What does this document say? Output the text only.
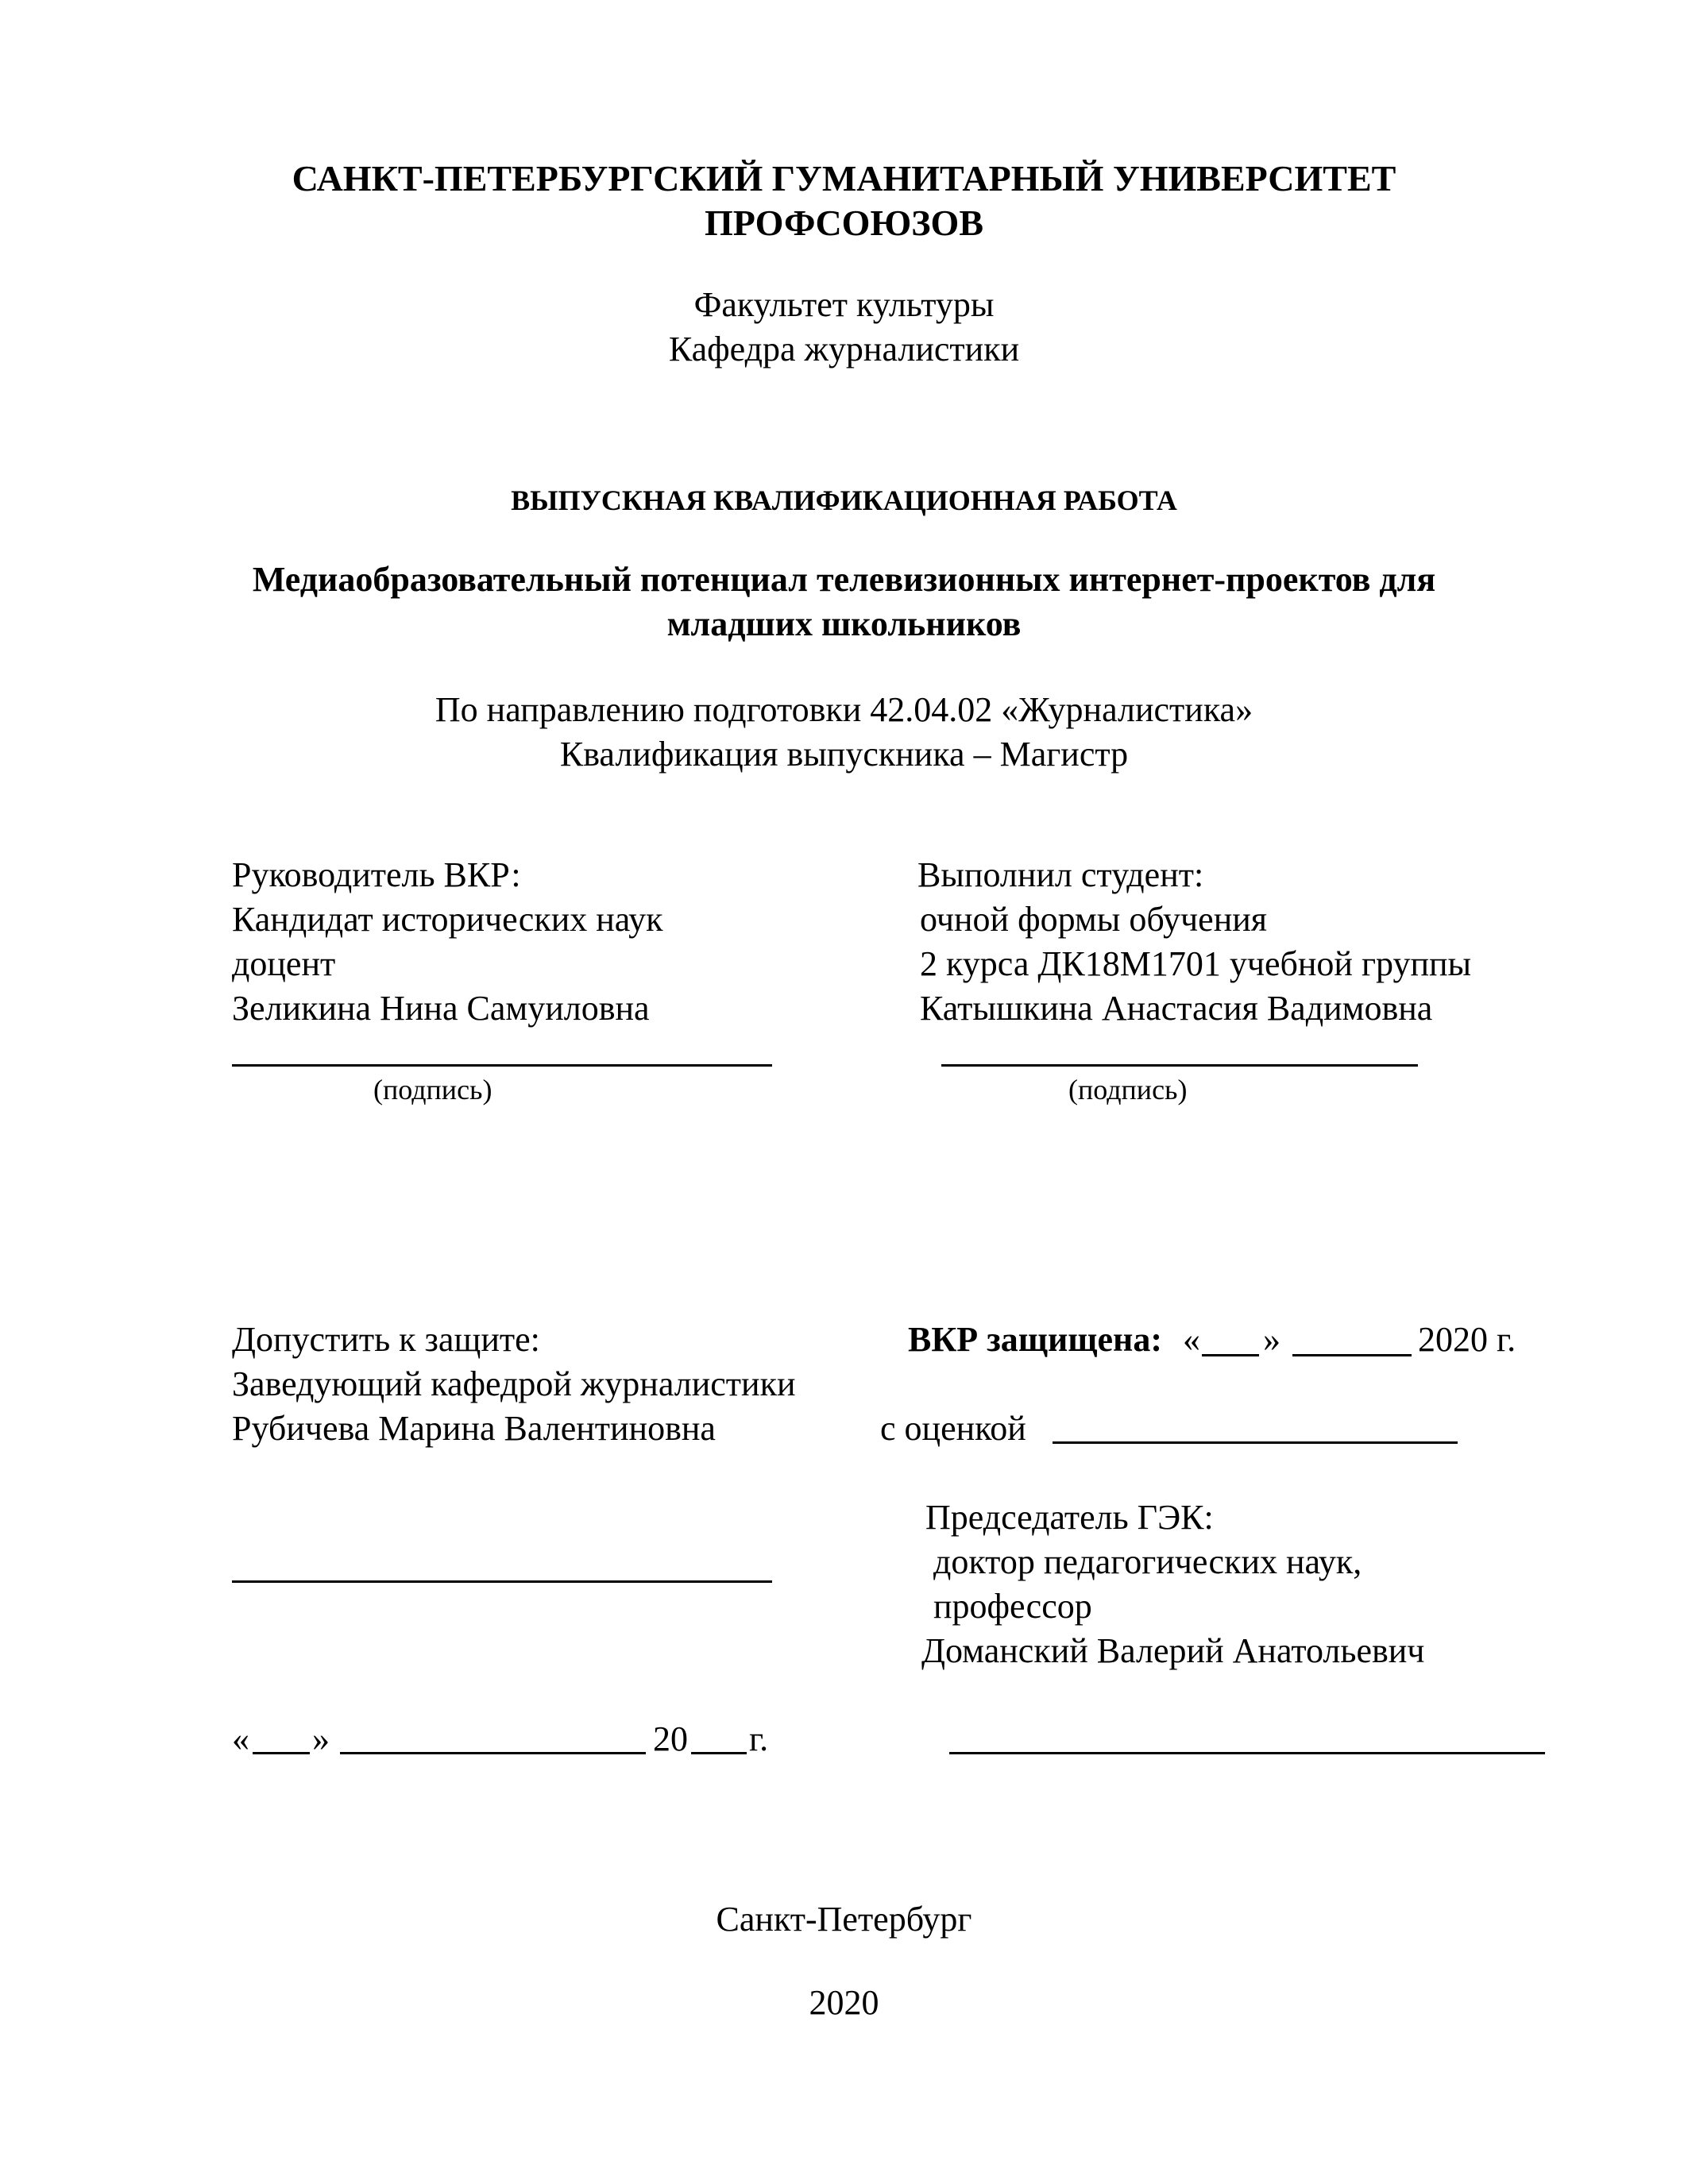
САНКТ-ПЕТЕРБУРГСКИЙ ГУМАНИТАРНЫЙ УНИВЕРСИТЕТ
ПРОФСОЮЗОВ
Факультет культуры
Кафедра журналистики
ВЫПУСКНАЯ КВАЛИФИКАЦИОННАЯ РАБОТА
Медиаобразовательный потенциал телевизионных интернет-проектов для
младших школьников
По направлению подготовки 42.04.02 «Журналистика»
Квалификация выпускника – Магистр
Руководитель ВКР:
Кандидат исторических наук
доцент
Зеликина Нина Самуиловна
(подпись)
Выполнил студент:
очной формы обучения
2 курса ДК18М1701 учебной группы
Катышкина Анастасия Вадимовна
(подпись)
Допустить к защите:
Заведующий кафедрой журналистики
Рубичева Марина Валентиновна
« »	20 г.
ВКР защищена: « »	2020 г.
с оценкой
Председатель ГЭК:
доктор педагогических наук,
профессор
Доманский Валерий Анатольевич
Санкт-Петербург
2020
